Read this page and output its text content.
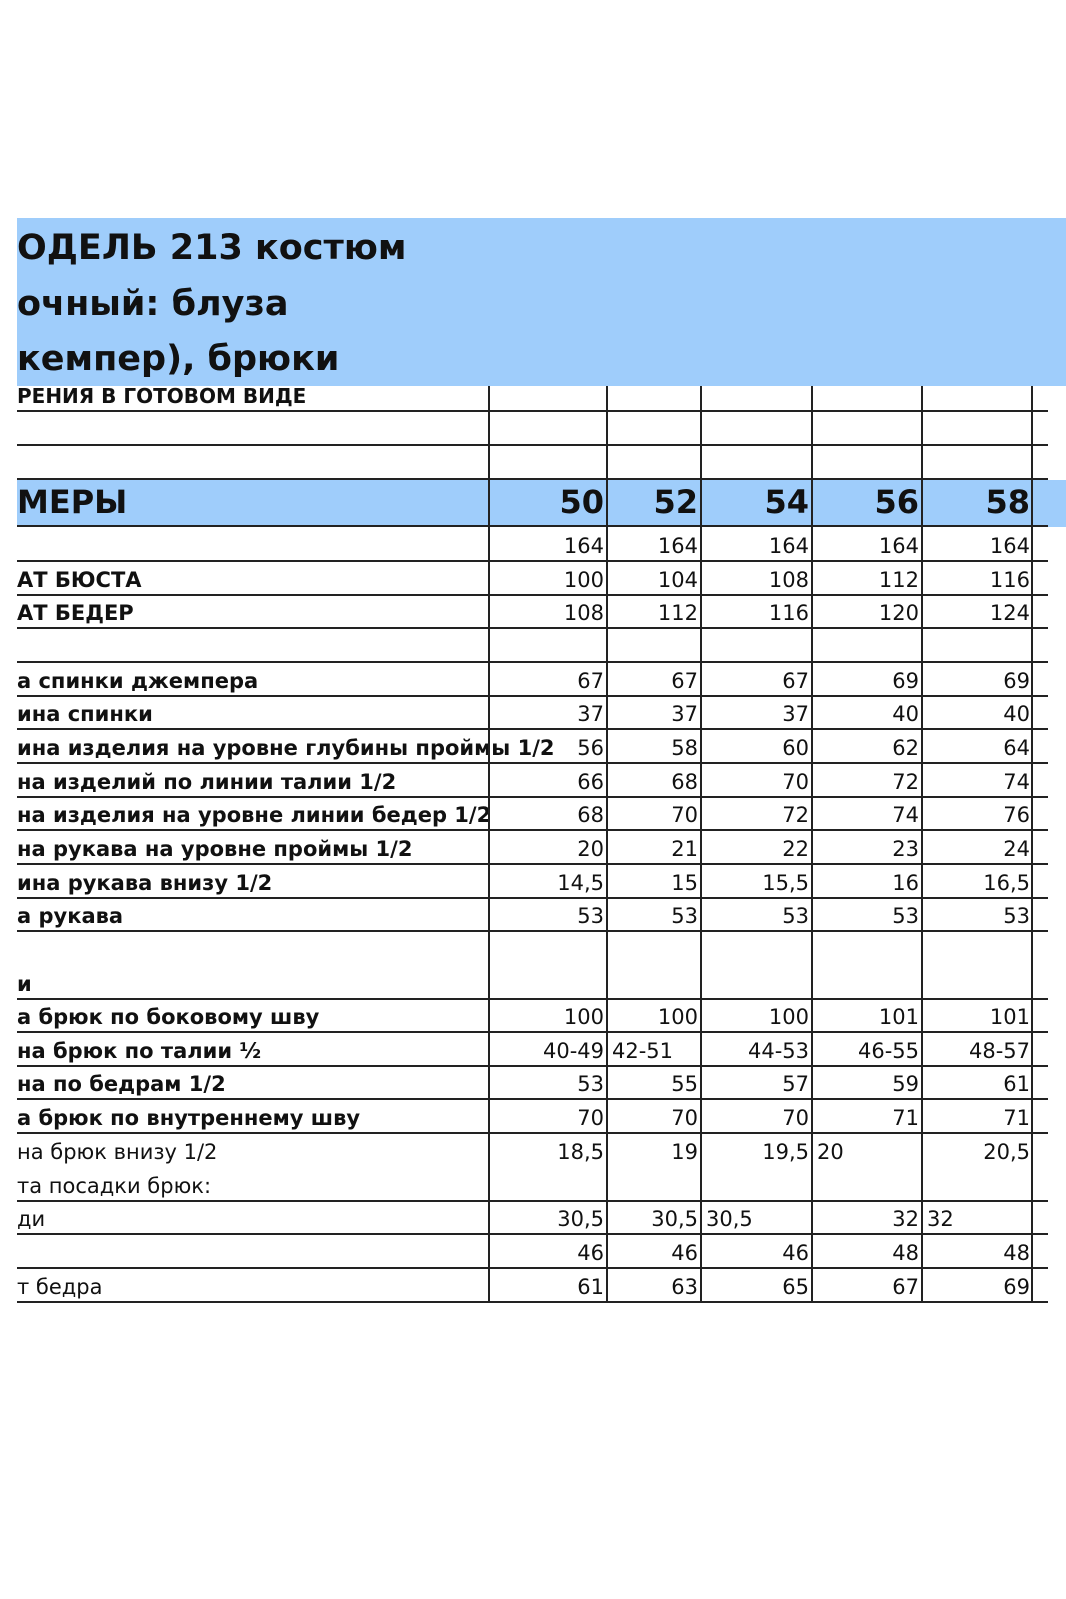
ОДЕЛЬ 213 костюм
очный: блуза
кемпер), брюки
РЕНИЯ В ГОТОВОМ ВИДЕ
МЕРЫ	50 52 54 56 58
164	164	164	164	164
АТ БЮСТА	100	104	108	112	116
АТ БЕДЕР	108	112	116	120	124
а спинки джемпера	67	67	67	69	69
ина спинки	37	37	37	40	40
ина изделия на уровне глубины проймы 1/2 56	58	60	62	64
на изделий по линии талии 1/2	66	68	70	72	74
на изделия на уровне линии бедер 1/2	68	70	72	74	76
на рукава на уровне проймы 1/2	20	21	22	23	24
ина рукава внизу 1/2	14,5	15	15,5	16	16,5
а рукава	53	53	53	53	53
и
а брюк по боковому шву	100	100	100	101	101
на брюк по талии ½	40-49 42-51	44-53 46-55 48-57
на по бедрам 1/2	53	55	57	59	61
а брюк по внутреннему шву	70	70	70	71	71
на брюк внизу 1/2	18,5	19	19,5 20	20,5
та посадки брюк:
ди	30,5 30,5 30,5	32 32
46	46	46	48	48
т бедра	61	63	65	67	69
